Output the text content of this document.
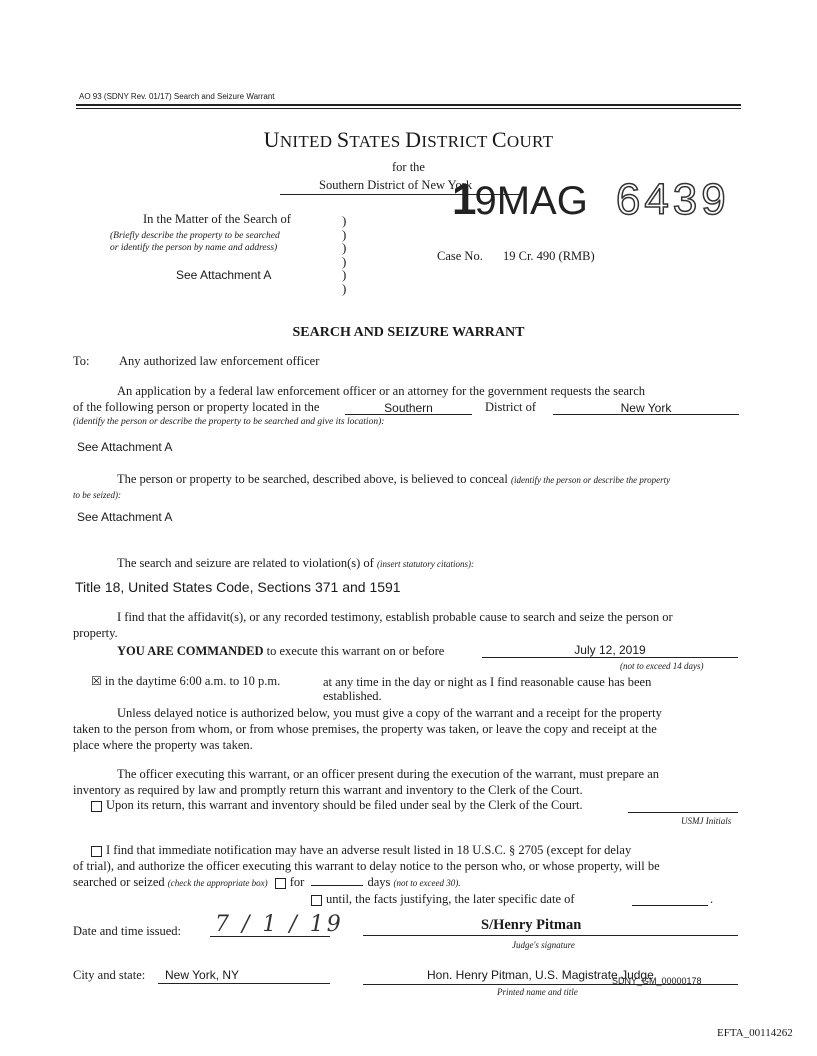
AO 93 (SDNY Rev. 01/17) Search and Seizure Warrant
UNITED STATES DISTRICT COURT
for the
Southern District of New York
19MAG 6439
In the Matter of the Search of
(Briefly describe the property to be searched
or identify the person by name and address)
See Attachment A
)
)
)
)
)
)
Case No. 19 Cr. 490 (RMB)
SEARCH AND SEIZURE WARRANT
To: Any authorized law enforcement officer
An application by a federal law enforcement officer or an attorney for the government requests the search
of the following person or property located in the	Southern	District of	New York
(identify the person or describe the property to be searched and give its location):
See Attachment A
The person or property to be searched, described above, is believed to conceal (identify the person or describe the property
to be seized):
See Attachment A
The search and seizure are related to violation(s) of (insert statutory citations):
Title 18, United States Code, Sections 371 and 1591
I find that the affidavit(s), or any recorded testimony, establish probable cause to search and seize the person or
property.
YOU ARE COMMANDED to execute this warrant on or before	July 12, 2019
(not to exceed 14 days)
☒ in the daytime 6:00 a.m. to 10 p.m.	at any time in the day or night as I find reasonable cause has been
established.
Unless delayed notice is authorized below, you must give a copy of the warrant and a receipt for the property
taken to the person from whom, or from whose premises, the property was taken, or leave the copy and receipt at the
place where the property was taken.
The officer executing this warrant, or an officer present during the execution of the warrant, must prepare an
inventory as required by law and promptly return this warrant and inventory to the Clerk of the Court.
Upon its return, this warrant and inventory should be filed under seal by the Clerk of the Court.
USMJ Initials
I find that immediate notification may have an adverse result listed in 18 U.S.C. § 2705 (except for delay
of trial), and authorize the officer executing this warrant to delay notice to the person who, or whose property, will be
searched or seized (check the appropriate box) for	days (not to exceed 30).
until, the facts justifying, the later specific date of	.
Date and time issued: 7 / 1 / 19	S/Henry Pitman
Judge's signature
City and state: New York, NY	Hon. Henry Pitman, U.S. Magistrate Judge
SDNY_GM_00000178
Printed name and title
EFTA_00114262
